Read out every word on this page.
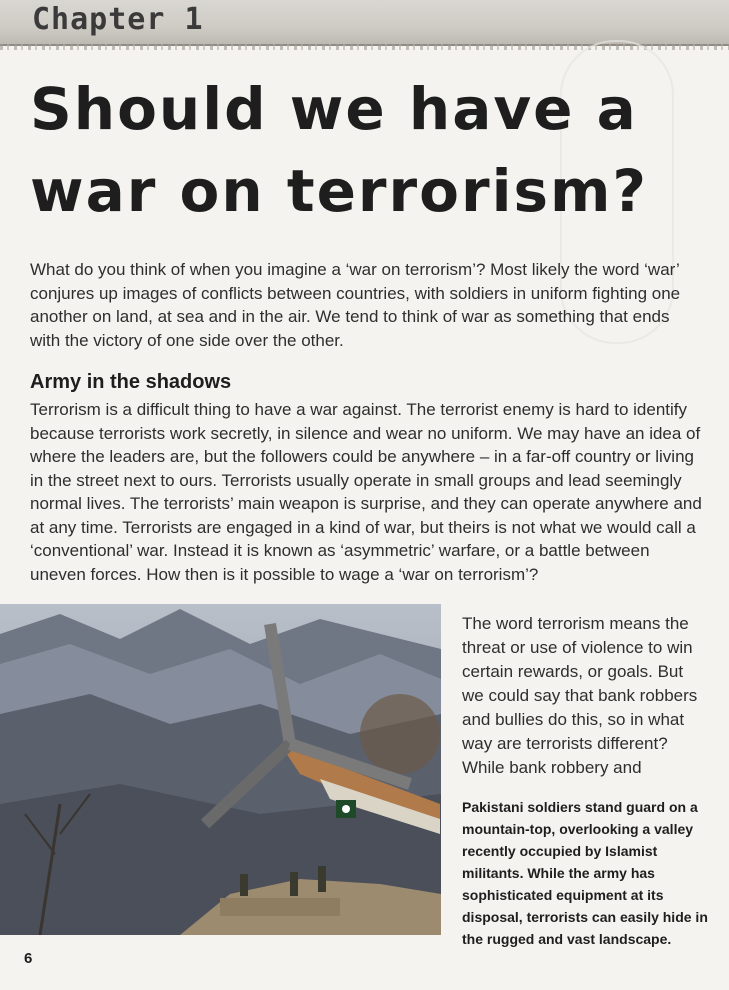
Chapter 1
Should we have a
war on terrorism?
What do you think of when you imagine a ‘war on terrorism’? Most likely the word ‘war’ conjures up images of conflicts between countries, with soldiers in uniform fighting one another on land, at sea and in the air. We tend to think of war as something that ends with the victory of one side over the other.
Army in the shadows
Terrorism is a difficult thing to have a war against. The terrorist enemy is hard to identify because terrorists work secretly, in silence and wear no uniform. We may have an idea of where the leaders are, but the followers could be anywhere – in a far-off country or living in the street next to ours. Terrorists usually operate in small groups and lead seemingly normal lives. The terrorists’ main weapon is surprise, and they can operate anywhere and at any time. Terrorists are engaged in a kind of war, but theirs is not what we would call a ‘conventional’ war. Instead it is known as ‘asymmetric’ warfare, or a battle between uneven forces. How then is it possible to wage a ‘war on terrorism’?
The word terrorism means the threat or use of violence to win certain rewards, or goals. But we could say that bank robbers and bullies do this, so in what way are terrorists different? While bank robbery and
Pakistani soldiers stand guard on a mountain-top, overlooking a valley recently occupied by Islamist militants. While the army has sophisticated equipment at its disposal, terrorists can easily hide in the rugged and vast landscape.
6
